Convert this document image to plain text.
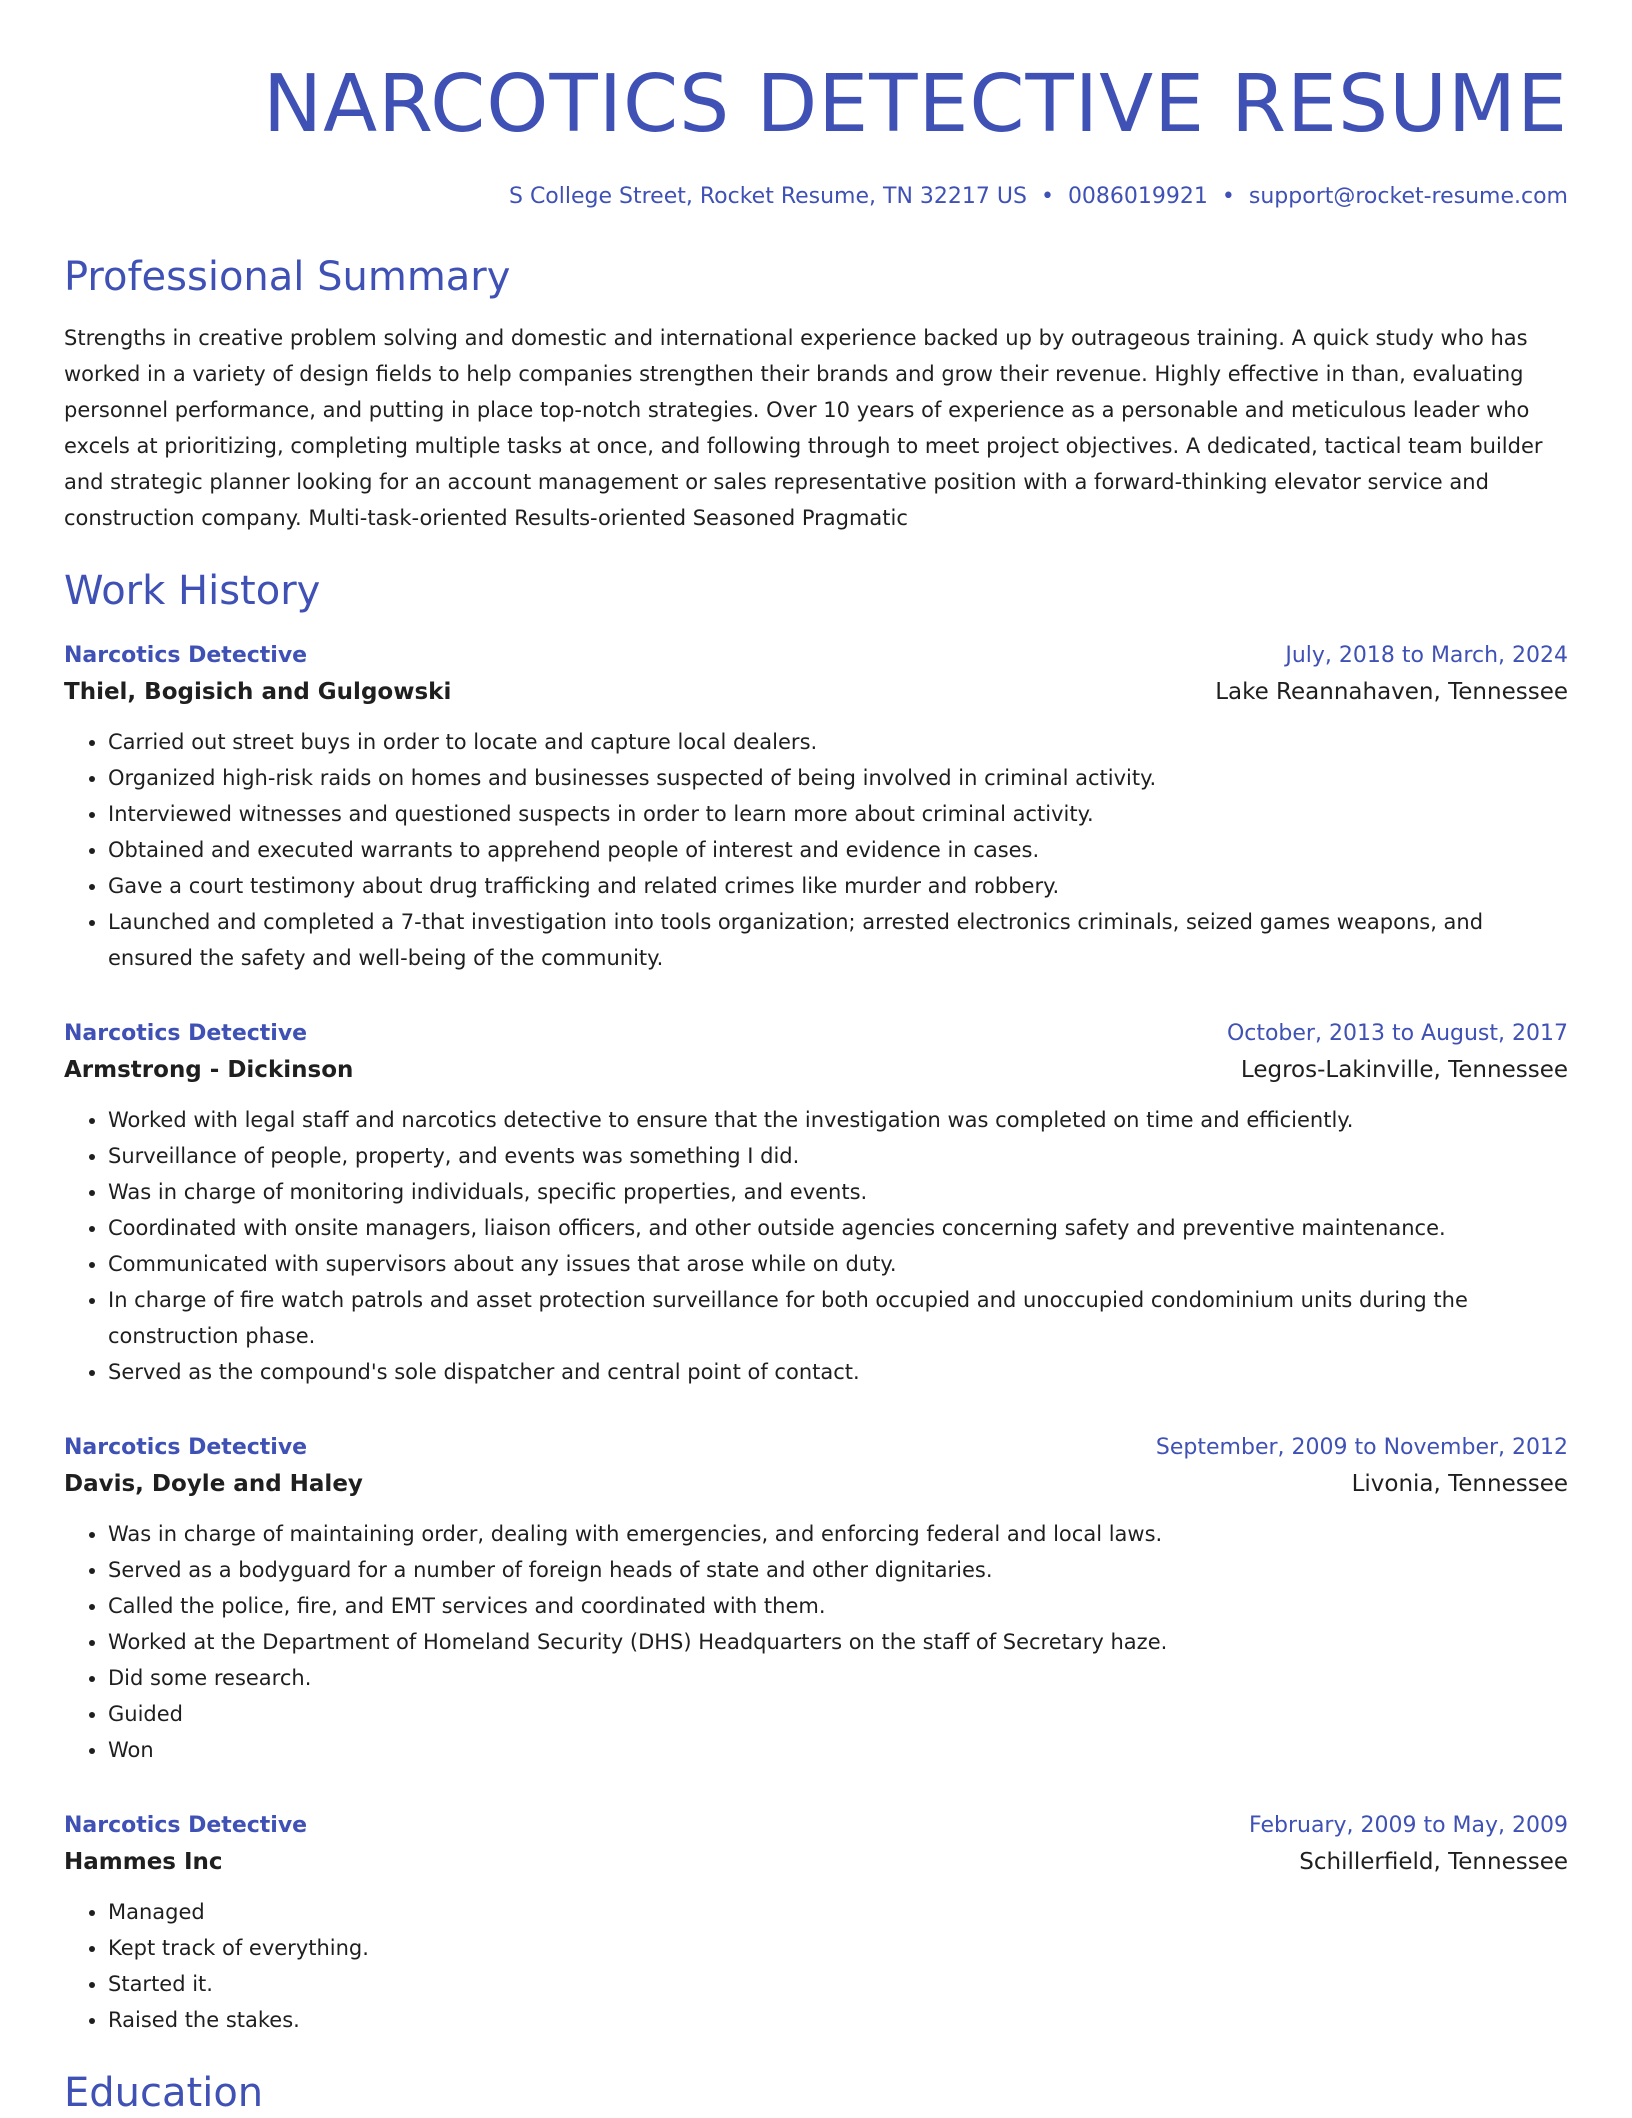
NARCOTICS DETECTIVE RESUME
S College Street, Rocket Resume, TN 32217 US • 0086019921 • support@rocket-resume.com
Professional Summary
Strengths in creative problem solving and domestic and international experience backed up by outrageous training. A quick study who has worked in a variety of design fields to help companies strengthen their brands and grow their revenue. Highly effective in than, evaluating personnel performance, and putting in place top-notch strategies. Over 10 years of experience as a personable and meticulous leader who excels at prioritizing, completing multiple tasks at once, and following through to meet project objectives. A dedicated, tactical team builder and strategic planner looking for an account management or sales representative position with a forward-thinking elevator service and construction company. Multi-task-oriented Results-oriented Seasoned Pragmatic
Work History
Narcotics Detective	July, 2018 to March, 2024
Thiel, Bogisich and Gulgowski	Lake Reannahaven, Tennessee
• Carried out street buys in order to locate and capture local dealers.
• Organized high-risk raids on homes and businesses suspected of being involved in criminal activity.
• Interviewed witnesses and questioned suspects in order to learn more about criminal activity.
• Obtained and executed warrants to apprehend people of interest and evidence in cases.
• Gave a court testimony about drug trafficking and related crimes like murder and robbery.
• Launched and completed a 7-that investigation into tools organization; arrested electronics criminals, seized games weapons, and ensured the safety and well-being of the community.
Narcotics Detective	October, 2013 to August, 2017
Armstrong - Dickinson	Legros-Lakinville, Tennessee
• Worked with legal staff and narcotics detective to ensure that the investigation was completed on time and efficiently.
• Surveillance of people, property, and events was something I did.
• Was in charge of monitoring individuals, specific properties, and events.
• Coordinated with onsite managers, liaison officers, and other outside agencies concerning safety and preventive maintenance.
• Communicated with supervisors about any issues that arose while on duty.
• In charge of fire watch patrols and asset protection surveillance for both occupied and unoccupied condominium units during the construction phase.
• Served as the compound's sole dispatcher and central point of contact.
Narcotics Detective	September, 2009 to November, 2012
Davis, Doyle and Haley	Livonia, Tennessee
• Was in charge of maintaining order, dealing with emergencies, and enforcing federal and local laws.
• Served as a bodyguard for a number of foreign heads of state and other dignitaries.
• Called the police, fire, and EMT services and coordinated with them.
• Worked at the Department of Homeland Security (DHS) Headquarters on the staff of Secretary haze.
• Did some research.
• Guided
• Won
Narcotics Detective	February, 2009 to May, 2009
Hammes Inc	Schillerfield, Tennessee
• Managed
• Kept track of everything.
• Started it.
• Raised the stakes.
Education
